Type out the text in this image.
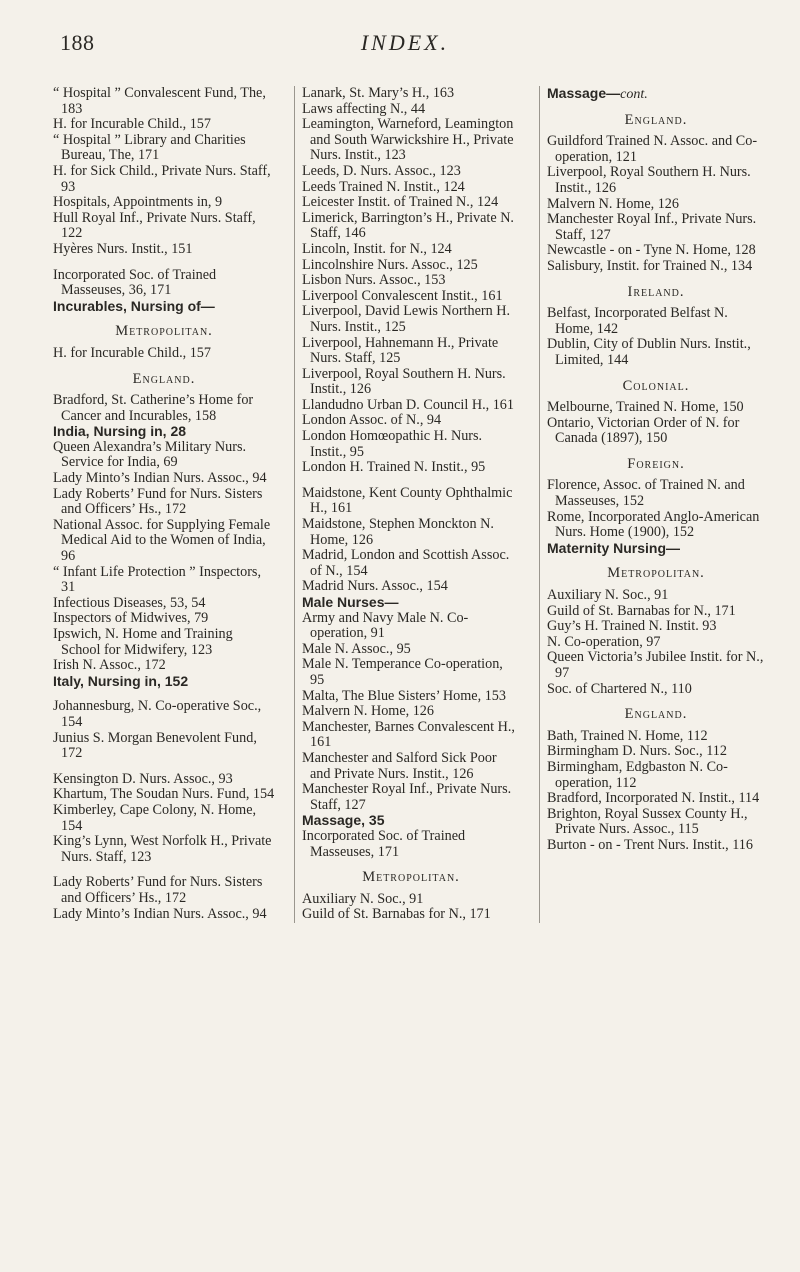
188	INDEX.

“ Hospital ” Convalescent Fund, The, 183

H. for Incurable Child., 157

“ Hospital ” Library and Charities Bureau, The, 171

H. for Sick Child., Private Nurs. Staff, 93

Hospitals, Appointments in, 9

Hull Royal Inf., Private Nurs. Staff, 122

Hyères Nurs. Instit., 151

Incorporated Soc. of Trained Masseuses, 36, 171

Incurables, Nursing of—

Metropolitan.

H. for Incurable Child., 157

England.

Bradford, St. Catherine’s Home for Cancer and Incurables, 158

India, Nursing in, 28

Queen Alexandra’s Military Nurs. Service for India, 69

Lady Minto’s Indian Nurs. Assoc., 94

Lady Roberts’ Fund for Nurs. Sisters and Officers’ Hs., 172

National Assoc. for Supplying Female Medical Aid to the Women of India, 96

“ Infant Life Protection ” Inspectors, 31

Infectious Diseases, 53, 54

Inspectors of Midwives, 79

Ipswich, N. Home and Training School for Midwifery, 123

Irish N. Assoc., 172

Italy, Nursing in, 152

Johannesburg, N. Co-operative Soc., 154

Junius S. Morgan Benevolent Fund, 172

Kensington D. Nurs. Assoc., 93

Khartum, The Soudan Nurs. Fund, 154

Kimberley, Cape Colony, N. Home, 154

King’s Lynn, West Norfolk H., Private Nurs. Staff, 123

Lady Roberts’ Fund for Nurs. Sisters and Officers’ Hs., 172

Lady Minto’s Indian Nurs. Assoc., 94

Lanark, St. Mary’s H., 163

Laws affecting N., 44

Leamington, Warneford, Leamington and South Warwickshire H., Private Nurs. Instit., 123

Leeds, D. Nurs. Assoc., 123

Leeds Trained N. Instit., 124

Leicester Instit. of Trained N., 124

Limerick, Barrington’s H., Private N. Staff, 146

Lincoln, Instit. for N., 124

Lincolnshire Nurs. Assoc., 125

Lisbon Nurs. Assoc., 153

Liverpool Convalescent Instit., 161

Liverpool, David Lewis Northern H. Nurs. Instit., 125

Liverpool, Hahnemann H., Private Nurs. Staff, 125

Liverpool, Royal Southern H. Nurs. Instit., 126

Llandudno Urban D. Council H., 161

London Assoc. of N., 94

London Homœopathic H. Nurs. Instit., 95

London H. Trained N. Instit., 95

Maidstone, Kent County Ophthalmic H., 161

Maidstone, Stephen Monckton N. Home, 126

Madrid, London and Scottish Assoc. of N., 154

Madrid Nurs. Assoc., 154

Male Nurses—

Army and Navy Male N. Co-operation, 91

Male N. Assoc., 95

Male N. Temperance Co-operation, 95

Malta, The Blue Sisters’ Home, 153

Malvern N. Home, 126

Manchester, Barnes Convalescent H., 161

Manchester and Salford Sick Poor and Private Nurs. Instit., 126

Manchester Royal Inf., Private Nurs. Staff, 127

Massage, 35

Incorporated Soc. of Trained Masseuses, 171

Metropolitan.

Auxiliary N. Soc., 91

Guild of St. Barnabas for N., 171

Massage—cont.

England.

Guildford Trained N. Assoc. and Co-operation, 121

Liverpool, Royal Southern H. Nurs. Instit., 126

Malvern N. Home, 126

Manchester Royal Inf., Private Nurs. Staff, 127

Newcastle - on - Tyne N. Home, 128

Salisbury, Instit. for Trained N., 134

Ireland.

Belfast, Incorporated Belfast N. Home, 142

Dublin, City of Dublin Nurs. Instit., Limited, 144

Colonial.

Melbourne, Trained N. Home, 150

Ontario, Victorian Order of N. for Canada (1897), 150

Foreign.

Florence, Assoc. of Trained N. and Masseuses, 152

Rome, Incorporated Anglo-American Nurs. Home (1900), 152

Maternity Nursing—

Metropolitan.

Auxiliary N. Soc., 91

Guild of St. Barnabas for N., 171

Guy’s H. Trained N. Instit. 93

N. Co-operation, 97

Queen Victoria’s Jubilee Instit. for N., 97

Soc. of Chartered N., 110

England.

Bath, Trained N. Home, 112

Birmingham D. Nurs. Soc., 112

Birmingham, Edgbaston N. Co-operation, 112

Bradford, Incorporated N. Instit., 114

Brighton, Royal Sussex County H., Private Nurs. Assoc., 115

Burton - on - Trent Nurs. Instit., 116
